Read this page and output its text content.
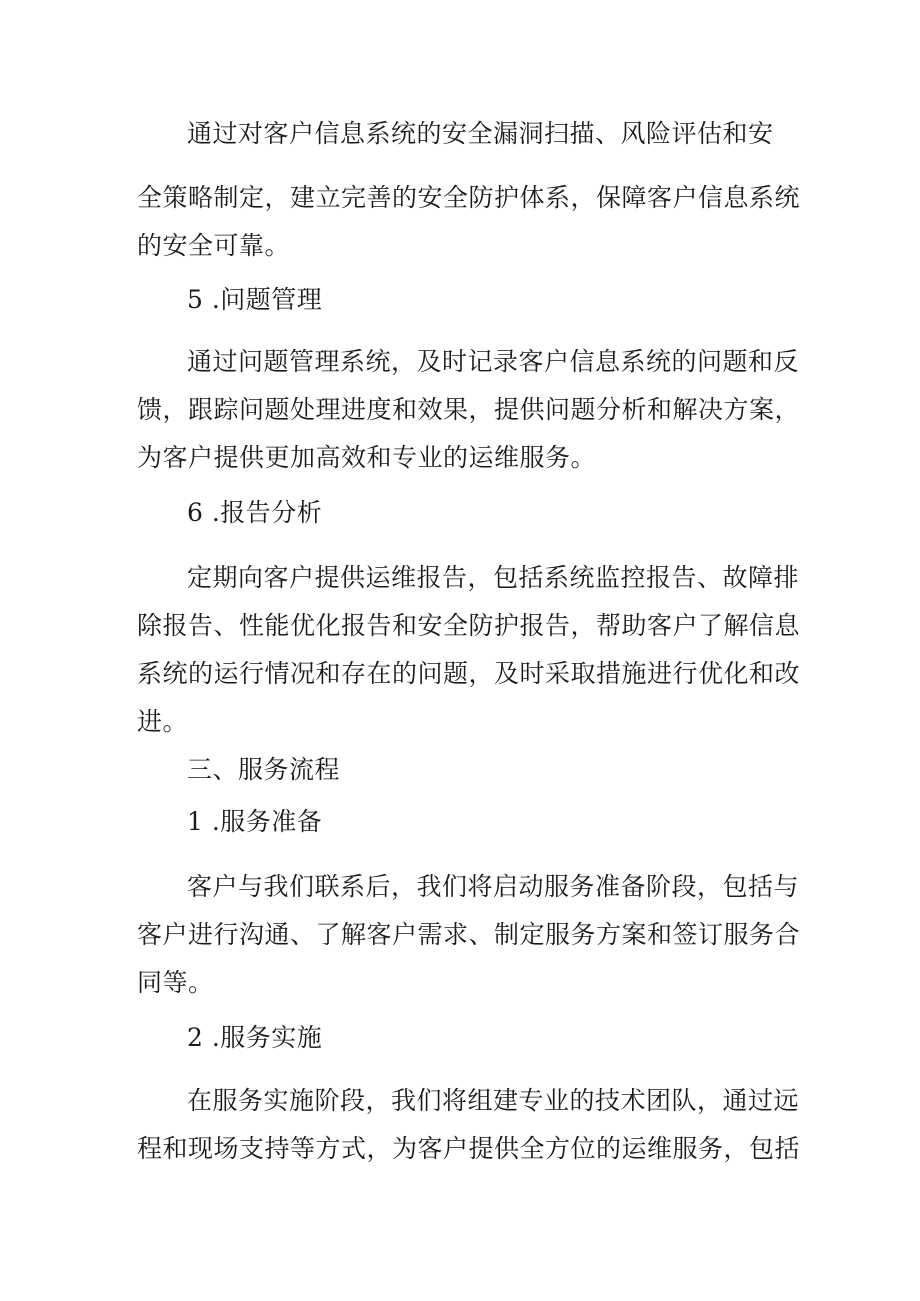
通过对客户信息系统的安全漏洞扫描、风险评估和安
全策略制定，建立完善的安全防护体系，保障客户信息系统
的安全可靠。
5 .问题管理
通过问题管理系统，及时记录客户信息系统的问题和反
馈，跟踪问题处理进度和效果，提供问题分析和解决方案，
为客户提供更加高效和专业的运维服务。
6 .报告分析
定期向客户提供运维报告，包括系统监控报告、故障排
除报告、性能优化报告和安全防护报告，帮助客户了解信息
系统的运行情况和存在的问题，及时采取措施进行优化和改
进。
三、服务流程
1 .服务准备
客户与我们联系后，我们将启动服务准备阶段，包括与
客户进行沟通、了解客户需求、制定服务方案和签订服务合
同等。
2 .服务实施
在服务实施阶段，我们将组建专业的技术团队，通过远
程和现场支持等方式，为客户提供全方位的运维服务，包括
